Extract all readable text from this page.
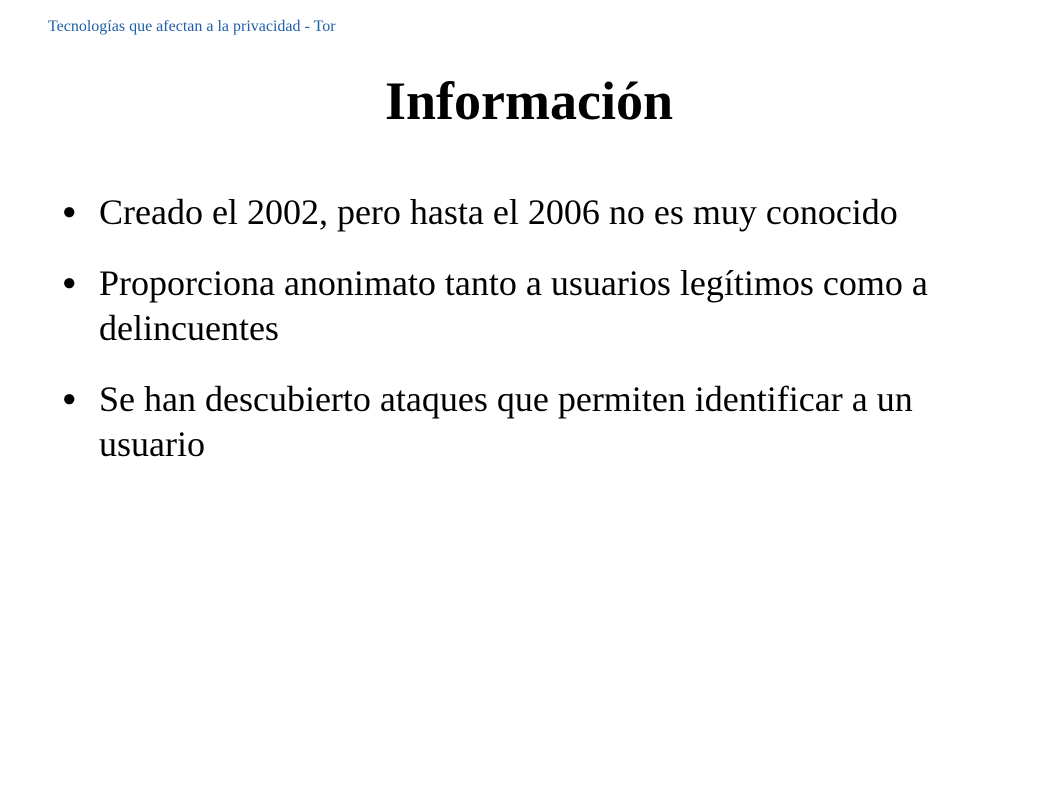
Tecnologías que afectan a la privacidad - Tor
Información
● Creado el 2002, pero hasta el 2006 no es muy conocido
● Proporciona anonimato tanto a usuarios legítimos como a delincuentes
● Se han descubierto ataques que permiten identificar a un usuario
